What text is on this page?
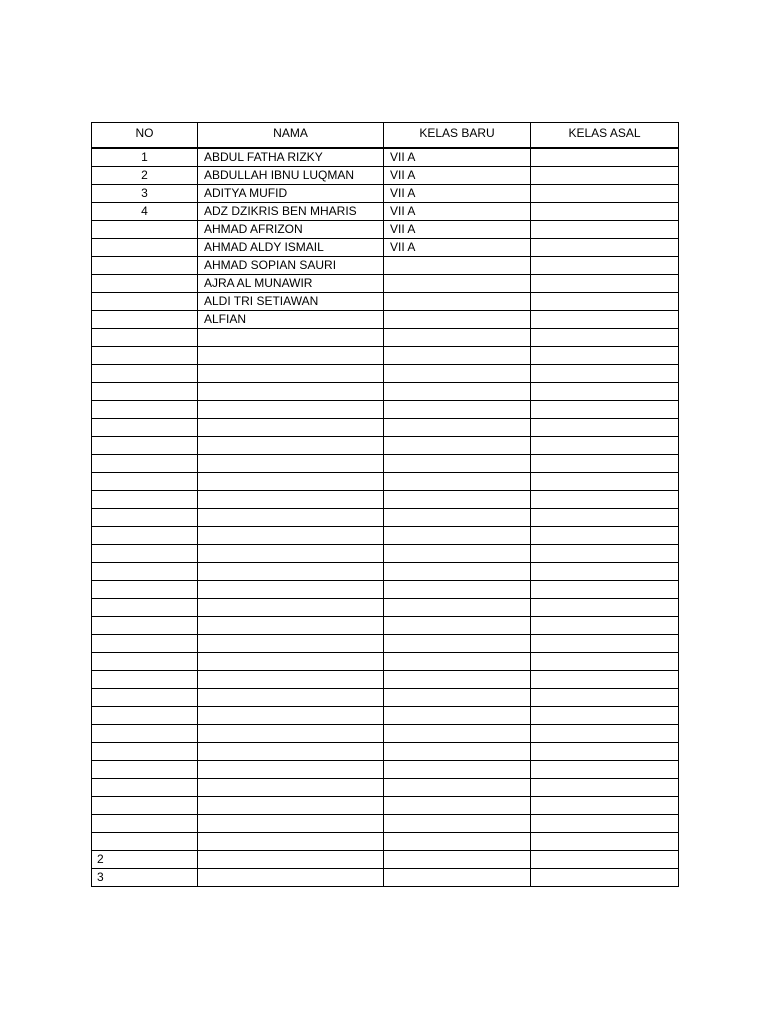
NO	NAMA	KELAS BARU	KELAS ASAL
1	ABDUL FATHA RIZKY	VII A	
2	ABDULLAH IBNU LUQMAN	VII A	
3	ADITYA MUFID	VII A	
4	ADZ DZIKRIS BEN MHARIS	VII A	
	AHMAD AFRIZON	VII A	
	AHMAD ALDY ISMAIL	VII A	
	AHMAD SOPIAN SAURI		
	AJRA AL MUNAWIR		
	ALDI TRI SETIAWAN		
	ALFIAN		

2			
3			
